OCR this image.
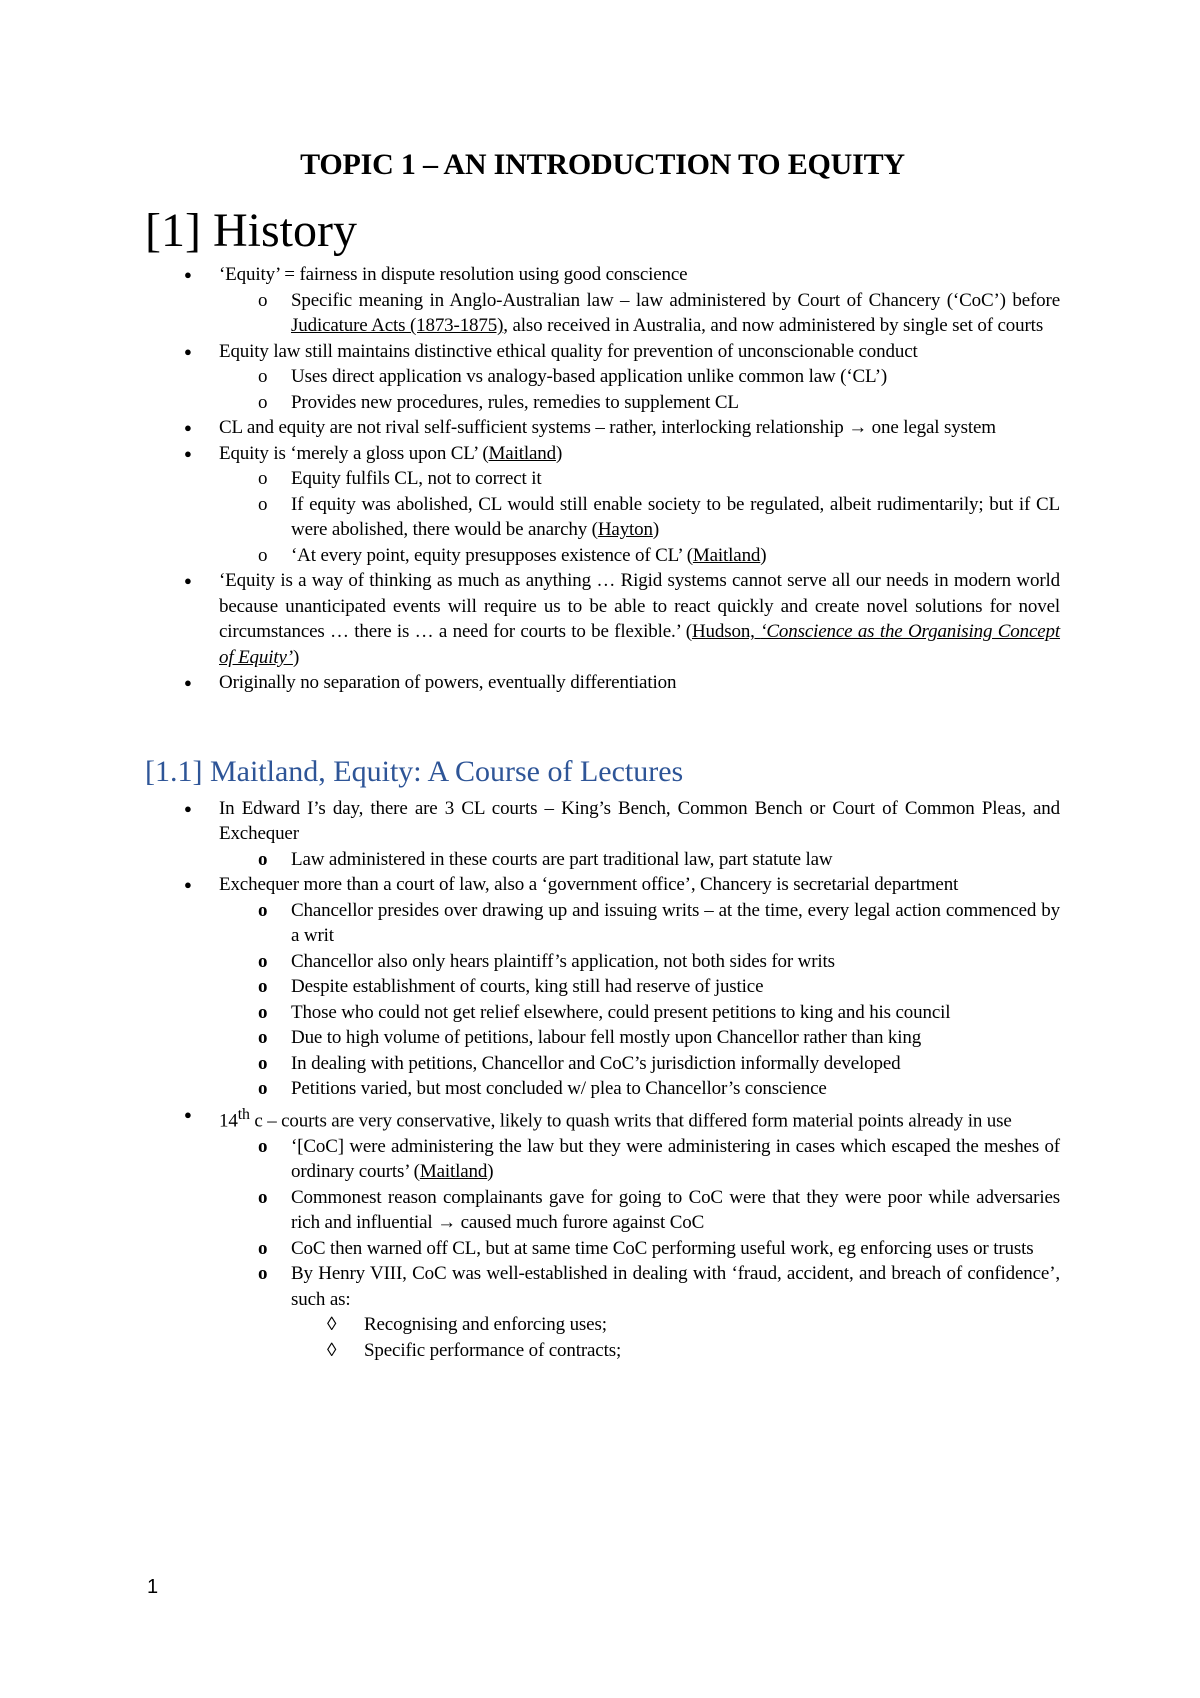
TOPIC 1 – AN INTRODUCTION TO EQUITY
[1] History
● ‘Equity’ = fairness in dispute resolution using good conscience
o Specific meaning in Anglo-Australian law – law administered by Court of Chancery (‘CoC’) before Judicature Acts (1873-1875), also received in Australia, and now administered by single set of courts
● Equity law still maintains distinctive ethical quality for prevention of unconscionable conduct
o Uses direct application vs analogy-based application unlike common law (‘CL’)
o Provides new procedures, rules, remedies to supplement CL
● CL and equity are not rival self-sufficient systems – rather, interlocking relationship → one legal system
● Equity is ‘merely a gloss upon CL’ (Maitland)
o Equity fulfils CL, not to correct it
o If equity was abolished, CL would still enable society to be regulated, albeit rudimentarily; but if CL were abolished, there would be anarchy (Hayton)
o ‘At every point, equity presupposes existence of CL’ (Maitland)
● ‘Equity is a way of thinking as much as anything … Rigid systems cannot serve all our needs in modern world because unanticipated events will require us to be able to react quickly and create novel solutions for novel circumstances … there is … a need for courts to be flexible.’ (Hudson, ‘Conscience as the Organising Concept of Equity’)
● Originally no separation of powers, eventually differentiation
[1.1] Maitland, Equity: A Course of Lectures
● In Edward I’s day, there are 3 CL courts – King’s Bench, Common Bench or Court of Common Pleas, and Exchequer
o Law administered in these courts are part traditional law, part statute law
● Exchequer more than a court of law, also a ‘government office’, Chancery is secretarial department
o Chancellor presides over drawing up and issuing writs – at the time, every legal action commenced by a writ
o Chancellor also only hears plaintiff’s application, not both sides for writs
o Despite establishment of courts, king still had reserve of justice
o Those who could not get relief elsewhere, could present petitions to king and his council
o Due to high volume of petitions, labour fell mostly upon Chancellor rather than king
o In dealing with petitions, Chancellor and CoC’s jurisdiction informally developed
o Petitions varied, but most concluded w/ plea to Chancellor’s conscience
● 14th c – courts are very conservative, likely to quash writs that differed form material points already in use
o ‘[CoC] were administering the law but they were administering in cases which escaped the meshes of ordinary courts’ (Maitland)
o Commonest reason complainants gave for going to CoC were that they were poor while adversaries rich and influential → caused much furore against CoC
o CoC then warned off CL, but at same time CoC performing useful work, eg enforcing uses or trusts
o By Henry VIII, CoC was well-established in dealing with ‘fraud, accident, and breach of confidence’, such as:
◊ Recognising and enforcing uses;
◊ Specific performance of contracts;
1
